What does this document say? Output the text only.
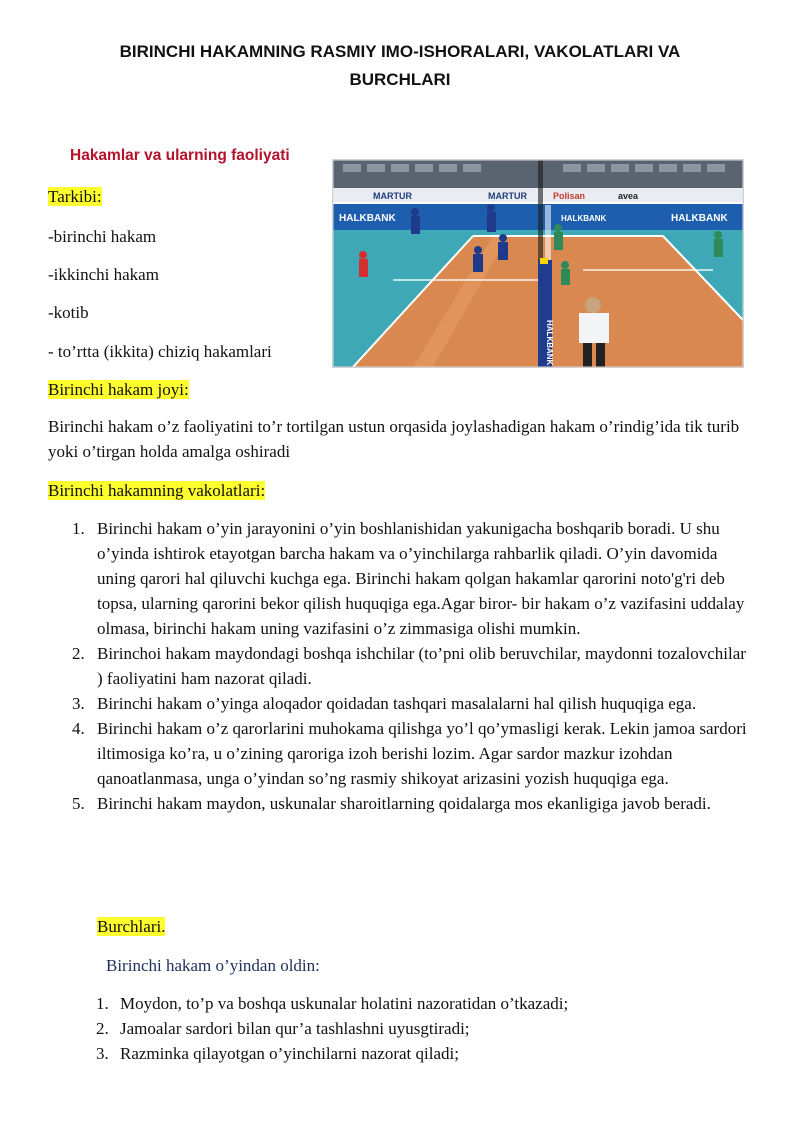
BIRINCHI HAKAMNING RASMIY IMO-ISHORALARI, VAKOLATLARI VA
BURCHLARI
Hakamlar va ularning faoliyati
Tarkibi:
-birinchi hakam
-ikkinchi hakam
-kotib
- to’rtta (ikkita) chiziq hakamlari
MARTUR	MARTUR	Polisan	avea
HALKBANK	HALKBANK	HALKBANK
HALKBANK
Birinchi hakam joyi:
Birinchi hakam o’z faoliyatini to’r tortilgan ustun orqasida joylashadigan hakam o’rindig’ida tik turib yoki o’tirgan holda amalga oshiradi
Birinchi hakamning vakolatlari:
1. Birinchi hakam o’yin jarayonini o’yin boshlanishidan yakunigacha boshqarib boradi. U shu o’yinda ishtirok etayotgan barcha hakam va o’yinchilarga rahbarlik qiladi. O’yin davomida uning qarori hal qiluvchi kuchga ega. Birinchi hakam qolgan hakamlar qarorini noto'g'ri deb topsa, ularning qarorini bekor qilish huquqiga ega.Agar biror- bir hakam o’z vazifasini uddalay olmasa, birinchi hakam uning vazifasini o’z zimmasiga olishi mumkin.
2. Birinchoi hakam maydondagi boshqa ishchilar (to’pni olib beruvchilar, maydonni tozalovchilar ) faoliyatini ham nazorat qiladi.
3. Birinchi hakam o’yinga aloqador qoidadan tashqari masalalarni hal qilish huquqiga ega.
4. Birinchi hakam o’z qarorlarini muhokama qilishga yo’l qo’ymasligi kerak. Lekin jamoa sardori iltimosiga ko’ra, u o’zining qaroriga izoh berishi lozim. Agar sardor mazkur izohdan qanoatlanmasa, unga o’yindan so’ng rasmiy shikoyat arizasini yozish huquqiga ega.
5. Birinchi hakam maydon, uskunalar sharoitlarning qoidalarga mos ekanligiga javob beradi.
Burchlari.
Birinchi hakam o’yindan oldin:
1. Moydon, to’p va boshqa uskunalar holatini nazoratidan o’tkazadi;
2. Jamoalar sardori bilan qur’a tashlashni uyusgtiradi;
3. Razminka qilayotgan o’yinchilarni nazorat qiladi;
